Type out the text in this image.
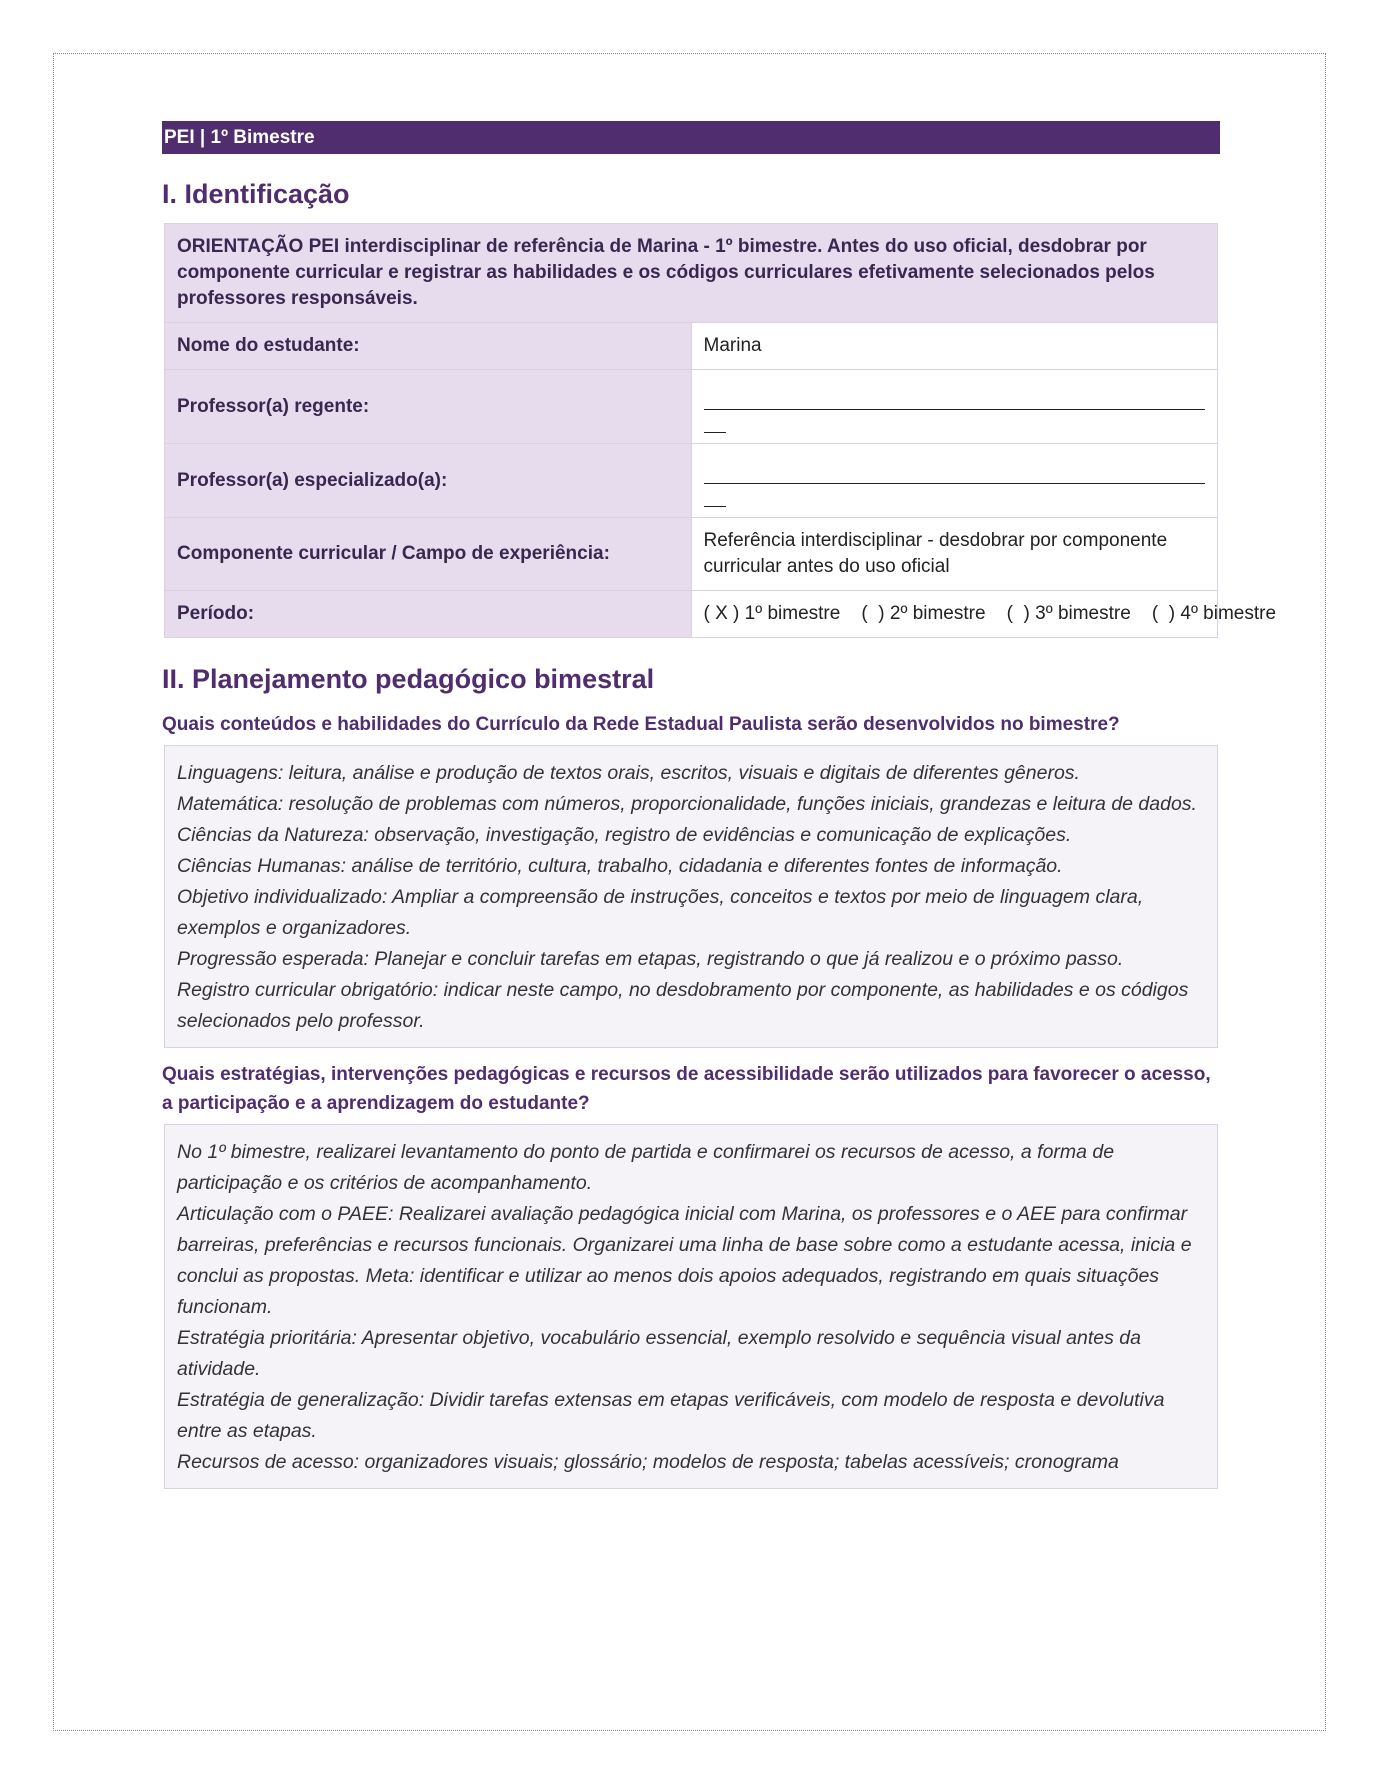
PEI | 1º Bimestre
I. Identificação
ORIENTAÇÃO PEI interdisciplinar de referência de Marina - 1º bimestre. Antes do uso oficial, desdobrar por componente curricular e registrar as habilidades e os códigos curriculares efetivamente selecionados pelos professores responsáveis.	
Nome do estudante:	Marina
Professor(a) regente:	

Professor(a) especializado(a):	

Componente curricular / Campo de experiência:	Referência interdisciplinar - desdobrar por componente curricular antes do uso oficial
Período:	( X ) 1º bimestre    (  ) 2º bimestre    (  ) 3º bimestre    (  ) 4º bimestre
II. Planejamento pedagógico bimestral
Quais conteúdos e habilidades do Currículo da Rede Estadual Paulista serão desenvolvidos no bimestre?

Linguagens: leitura, análise e produção de textos orais, escritos, visuais e digitais de diferentes gêneros.

Matemática: resolução de problemas com números, proporcionalidade, funções iniciais, grandezas e leitura de dados.

Ciências da Natureza: observação, investigação, registro de evidências e comunicação de explicações.

Ciências Humanas: análise de território, cultura, trabalho, cidadania e diferentes fontes de informação.

Objetivo individualizado: Ampliar a compreensão de instruções, conceitos e textos por meio de linguagem clara, exemplos e organizadores.

Progressão esperada: Planejar e concluir tarefas em etapas, registrando o que já realizou e o próximo passo.

Registro curricular obrigatório: indicar neste campo, no desdobramento por componente, as habilidades e os códigos selecionados pelo professor.

Quais estratégias, intervenções pedagógicas e recursos de acessibilidade serão utilizados para favorecer o acesso, a participação e a aprendizagem do estudante?

No 1º bimestre, realizarei levantamento do ponto de partida e confirmarei os recursos de acesso, a forma de participação e os critérios de acompanhamento.

Articulação com o PAEE: Realizarei avaliação pedagógica inicial com Marina, os professores e o AEE para confirmar barreiras, preferências e recursos funcionais. Organizarei uma linha de base sobre como a estudante acessa, inicia e conclui as propostas. Meta: identificar e utilizar ao menos dois apoios adequados, registrando em quais situações funcionam.

Estratégia prioritária: Apresentar objetivo, vocabulário essencial, exemplo resolvido e sequência visual antes da atividade.

Estratégia de generalização: Dividir tarefas extensas em etapas verificáveis, com modelo de resposta e devolutiva entre as etapas.

Recursos de acesso: organizadores visuais; glossário; modelos de resposta; tabelas acessíveis; cronograma
